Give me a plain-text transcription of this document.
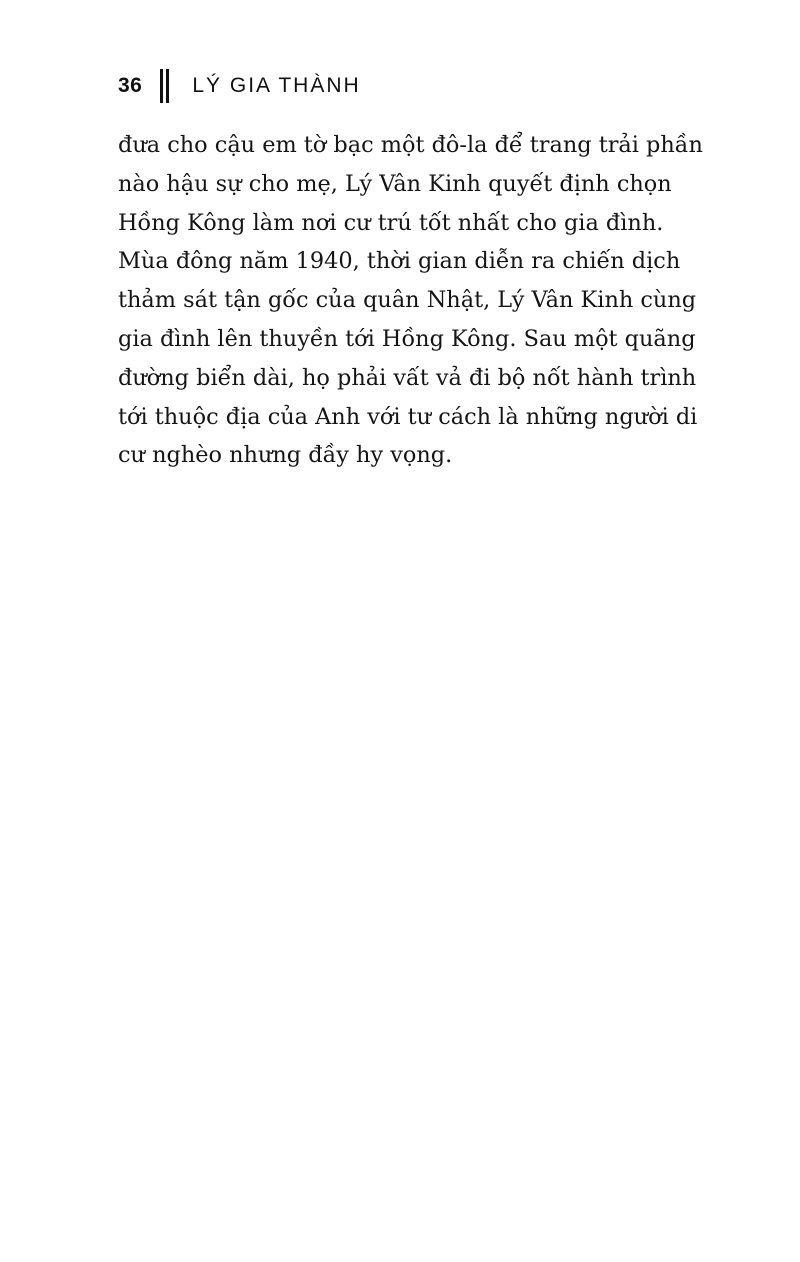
36 LÝ GIA THÀNH

đưa cho cậu em tờ bạc một đô-la để trang trải phần
nào hậu sự cho mẹ, Lý Vân Kinh quyết định chọn
Hồng Kông làm nơi cư trú tốt nhất cho gia đình.
Mùa đông năm 1940, thời gian diễn ra chiến dịch
thảm sát tận gốc của quân Nhật, Lý Vân Kinh cùng
gia đình lên thuyền tới Hồng Kông. Sau một quãng
đường biển dài, họ phải vất vả đi bộ nốt hành trình
tới thuộc địa của Anh với tư cách là những người di
cư nghèo nhưng đầy hy vọng.
